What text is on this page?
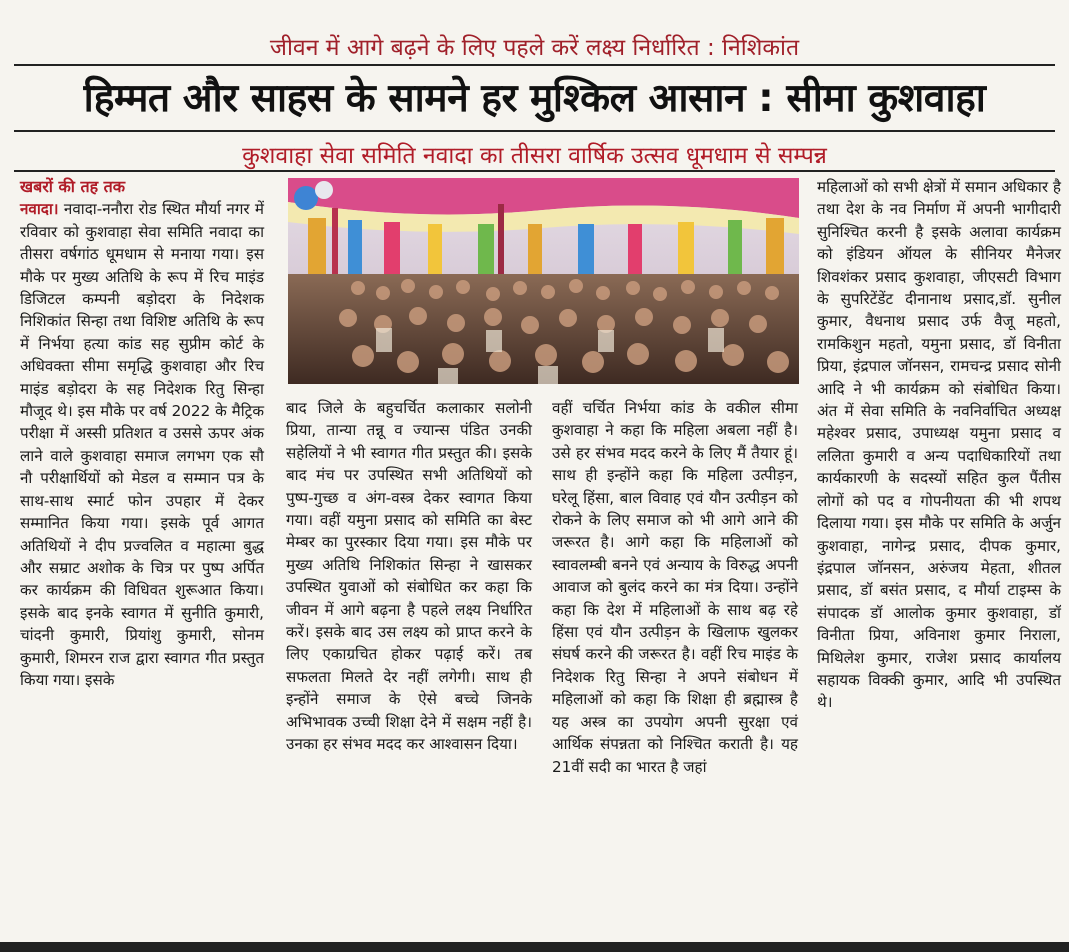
जीवन में आगे बढ़ने के लिए पहले करें लक्ष्य निर्धारित : निशिकांत
हिम्मत और साहस के सामने हर मुश्किल आसान : सीमा कुशवाहा
कुशवाहा सेवा समिति नवादा का तीसरा वार्षिक उत्सव धूमधाम से सम्पन्न
खबरों की तह तक

नवादा। नवादा-ननौरा रोड स्थित मौर्या नगर में रविवार को कुशवाहा सेवा समिति नवादा का तीसरा वर्षगांठ धूमधाम से मनाया गया। इस मौके पर मुख्य अतिथि के रूप में रिच माइंड डिजिटल कम्पनी बड़ोदरा के निदेशक निशिकांत सिन्हा तथा विशिष्ट अतिथि के रूप में निर्भया हत्या कांड सह सुप्रीम कोर्ट के अधिवक्ता सीमा समृद्धि कुशवाहा और रिच माइंड बड़ोदरा के सह निदेशक रितु सिन्हा मौजूद थे। इस मौके पर वर्ष 2022 के मैट्रिक परीक्षा में अस्सी प्रतिशत व उससे ऊपर अंक लाने वाले कुशवाहा समाज लगभग एक सौ नौ परीक्षार्थियों को मेडल व सम्मान पत्र के साथ-साथ स्मार्ट फोन उपहार में देकर सम्मानित किया गया। इसके पूर्व आगत अतिथियों ने दीप प्रज्वलित व महात्मा बुद्ध और सम्राट अशोक के चित्र पर पुष्प अर्पित कर कार्यक्रम की विधिवत शुरूआत किया। इसके बाद इनके स्वागत में सुनीति कुमारी, चांदनी कुमारी, प्रियांशु कुमारी, सोनम कुमारी, शिमरन राज द्वारा स्वागत गीत प्रस्तुत किया गया। इसके

बाद जिले के बहुचर्चित कलाकार सलोनी प्रिया, तान्या तन्नू व ज्यान्स पंडित उनकी सहेलियों ने भी स्वागत गीत प्रस्तुत की। इसके बाद मंच पर उपस्थित सभी अतिथियों को पुष्प-गुच्छ व अंग-वस्त्र देकर स्वागत किया गया। वहीं यमुना प्रसाद को समिति का बेस्ट मेम्बर का पुरस्कार दिया गया। इस मौके पर मुख्य अतिथि निशिकांत सिन्हा ने खासकर उपस्थित युवाओं को संबोधित कर कहा कि जीवन में आगे बढ़ना है पहले लक्ष्य निर्धारित करें। इसके बाद उस लक्ष्य को प्राप्त करने के लिए एकाग्रचित होकर पढ़ाई करें। तब सफलता मिलते देर नहीं लगेगी। साथ ही इन्होंने समाज के ऐसे बच्चे जिनके अभिभावक उच्ची शिक्षा देने में सक्षम नहीं है। उनका हर संभव मदद कर आश्वासन दिया।

वहीं चर्चित निर्भया कांड के वकील सीमा कुशवाहा ने कहा कि महिला अबला नहीं है। उसे हर संभव मदद करने के लिए मैं तैयार हूं। साथ ही इन्होंने कहा कि महिला उत्पीड़न, घरेलू हिंसा, बाल विवाह एवं यौन उत्पीड़न को रोकने के लिए समाज को भी आगे आने की जरूरत है। आगे कहा कि महिलाओं को स्वावलम्बी बनने एवं अन्याय के विरुद्ध अपनी आवाज को बुलंद करने का मंत्र दिया। उन्होंने कहा कि देश में महिलाओं के साथ बढ़ रहे हिंसा एवं यौन उत्पीड़न के खिलाफ खुलकर संघर्ष करने की जरूरत है। वहीं रिच माइंड के निदेशक रितु सिन्हा ने अपने संबोधन में महिलाओं को कहा कि शिक्षा ही ब्रह्मास्त्र है यह अस्त्र का उपयोग अपनी सुरक्षा एवं आर्थिक संपन्नता को निश्चित कराती है। यह 21वीं सदी का भारत है जहां

महिलाओं को सभी क्षेत्रों में समान अधिकार है तथा देश के नव निर्माण में अपनी भागीदारी सुनिश्चित करनी है इसके अलावा कार्यक्रम को इंडियन ऑयल के सीनियर मैनेजर शिवशंकर प्रसाद कुशवाहा, जीएसटी विभाग के सुपरिटेंडेंट दीनानाथ प्रसाद,डॉ. सुनील कुमार, वैधनाथ प्रसाद उर्फ वैजू महतो, रामकिशुन महतो, यमुना प्रसाद, डॉ विनीता प्रिया, इंद्रपाल जॉनसन, रामचन्द्र प्रसाद सोनी आदि ने भी कार्यक्रम को संबोधित किया। अंत में सेवा समिति के नवनिर्वाचित अध्यक्ष महेश्वर प्रसाद, उपाध्यक्ष यमुना प्रसाद व ललिता कुमारी व अन्य पदाधिकारियों तथा कार्यकारणी के सदस्यों सहित कुल पैंतीस लोगों को पद व गोपनीयता की भी शपथ दिलाया गया। इस मौके पर समिति के अर्जुन कुशवाहा, नागेन्द्र प्रसाद, दीपक कुमार, इंद्रपाल जॉनसन, अरुंजय मेहता, शीतल प्रसाद, डॉ बसंत प्रसाद, द मौर्या टाइम्स के संपादक डॉ आलोक कुमार कुशवाहा, डॉ विनीता प्रिया, अविनाश कुमार निराला, मिथिलेश कुमार, राजेश प्रसाद कार्यालय सहायक विक्की कुमार, आदि भी उपस्थित थे।
